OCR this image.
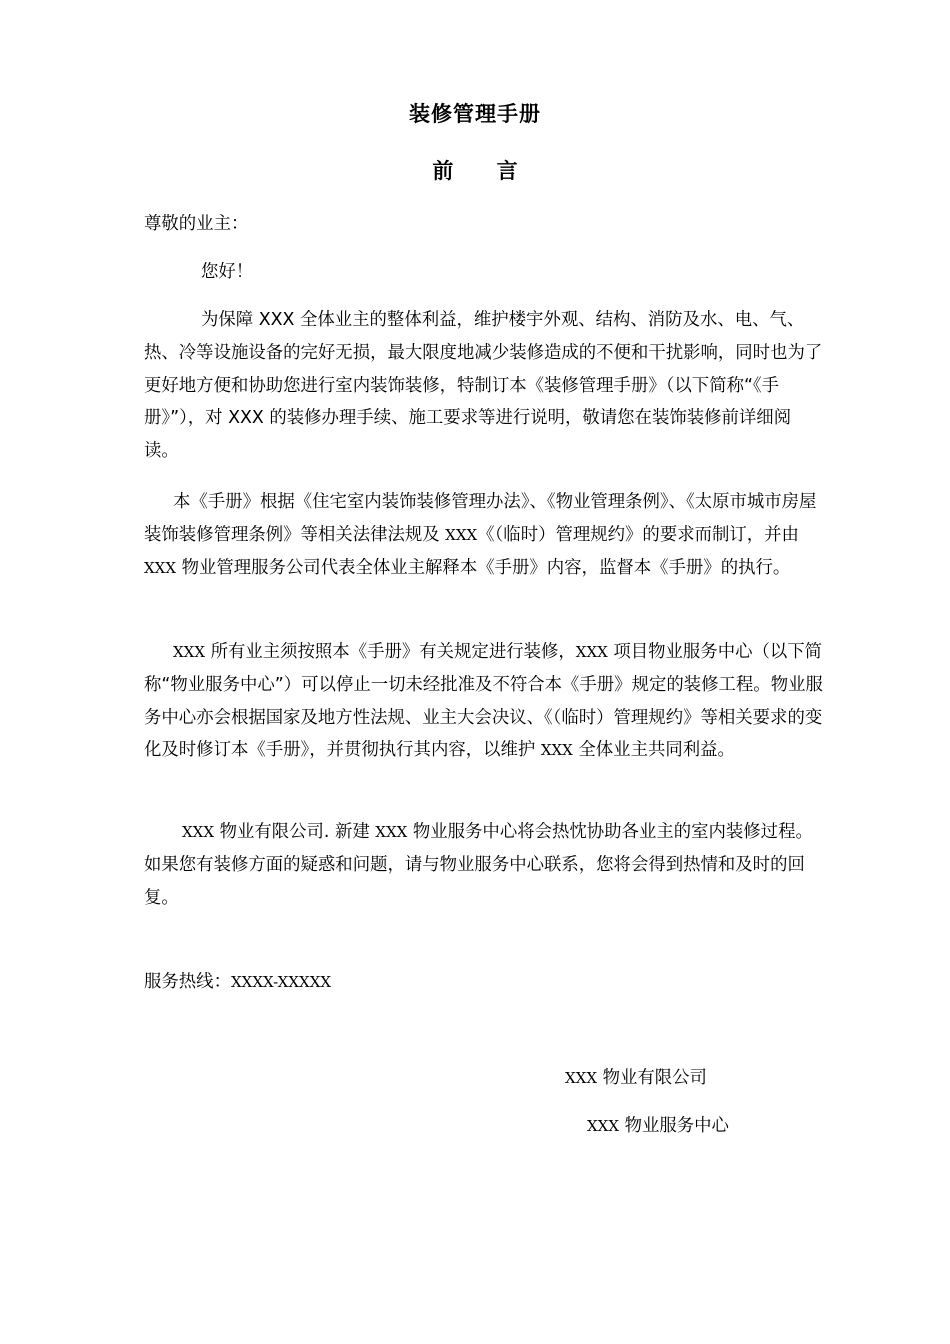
装修管理手册
前 言

尊敬的业主：

您好！

为保障 XXX 全体业主的整体利益，维护楼宇外观、结构、消防及水、电、气、热、冷等设施设备的完好无损，最大限度地减少装修造成的不便和干扰影响，同时也为了更好地方便和协助您进行室内装饰装修，特制订本《装修管理手册》（以下简称“《手册》”），对 XXX 的装修办理手续、施工要求等进行说明，敬请您在装饰装修前详细阅读。

本《手册》根据《住宅室内装饰装修管理办法》、《物业管理条例》、《太原市城市房屋装饰装修管理条例》等相关法律法规及 XXX《（临时）管理规约》的要求而制订，并由 XXX 物业管理服务公司代表全体业主解释本《手册》内容，监督本《手册》的执行。

XXX 所有业主须按照本《手册》有关规定进行装修，XXX 项目物业服务中心（以下简称“物业服务中心”）可以停止一切未经批准及不符合本《手册》规定的装修工程。物业服务中心亦会根据国家及地方性法规、业主大会决议、《（临时）管理规约》等相关要求的变化及时修订本《手册》，并贯彻执行其内容，以维护 XXX 全体业主共同利益。

XXX 物业有限公司. 新建 XXX 物业服务中心将会热忱协助各业主的室内装修过程。如果您有装修方面的疑惑和问题，请与物业服务中心联系，您将会得到热情和及时的回复。

服务热线：XXXX-XXXXX

XXX 物业有限公司
XXX 物业服务中心
